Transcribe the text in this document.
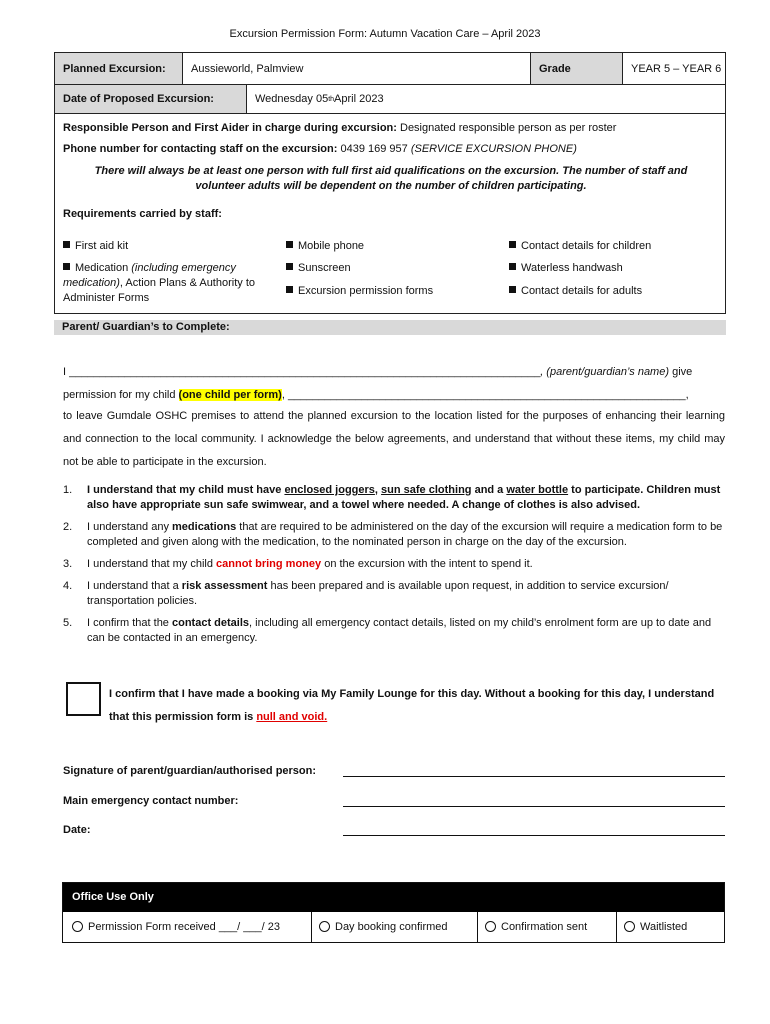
Excursion Permission Form: Autumn Vacation Care – April 2023
Planned Excursion:	Aussieworld, Palmview	Grade	YEAR 5 – YEAR 6
Date of Proposed Excursion:	Wednesday 05 th April 2023
Responsible Person and First Aider in charge during excursion: Designated responsible person as per roster
Phone number for contacting staff on the excursion: 0439 169 957 (SERVICE EXCURSION PHONE)
There will always be at least one person with full first aid qualifications on the excursion. The number of staff and volunteer adults will be dependent on the number of children participating.
Requirements carried by staff:
First aid kit
Medication (including emergency medication), Action Plans & Authority to Administer Forms
Mobile phone
Sunscreen
Excursion permission forms
Contact details for children
Waterless handwash
Contact details for adults
Parent/ Guardian’s to Complete:
I _____________________________________________________________________________, (parent/guardian’s name) give
permission for my child (one child per form), _________________________________________________________________,
to leave Gumdale OSHC premises to attend the planned excursion to the location listed for the purposes of enhancing their learning and connection to the local community. I acknowledge the below agreements, and understand that without these items, my child may not be able to participate in the excursion.
1.	I understand that my child must have enclosed joggers, sun safe clothing and a water bottle to participate. Children must also have appropriate sun safe swimwear, and a towel where needed. A change of clothes is also advised.
2.	I understand any medications that are required to be administered on the day of the excursion will require a medication form to be completed and given along with the medication, to the nominated person in charge on the day of the excursion.
3.	I understand that my child cannot bring money on the excursion with the intent to spend it.
4.	I understand that a risk assessment has been prepared and is available upon request, in addition to service excursion/ transportation policies.
5.	I confirm that the contact details, including all emergency contact details, listed on my child’s enrolment form are up to date and can be contacted in an emergency.
I confirm that I have made a booking via My Family Lounge for this day. Without a booking for this day, I understand
that this permission form is null and void.
Signature of parent/guardian/authorised person:
Main emergency contact number:
Date:
Office Use Only
Permission Form received ___/ ___/ 23	Day booking confirmed	Confirmation sent	Waitlisted
